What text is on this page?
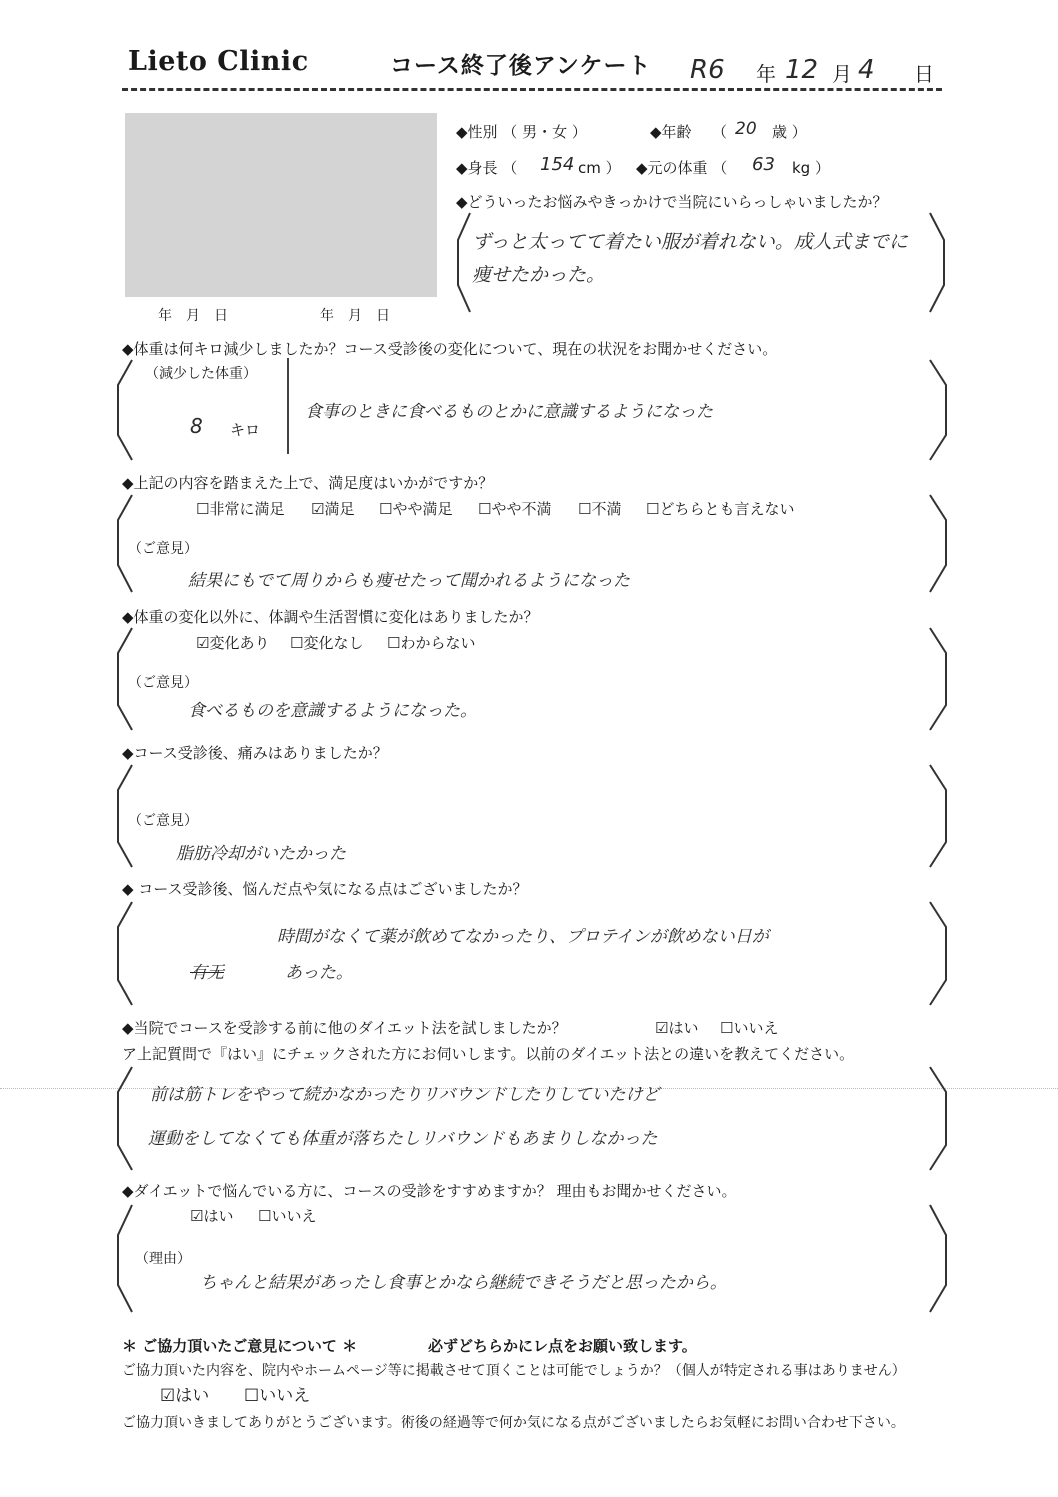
Lieto Clinic	コース終了後アンケート R6 年 12 月 4 日
年　月　日	年　月　日
◆性別 （ 男・女 ）	◆年齢 （ 20 歳 ）
◆身長 （ 154 cm ） ◆元の体重 （ 63 kg ）
◆どういったお悩みやきっかけで当院にいらっしゃいましたか？
ずっと太ってて着たい服が着れない。成人式までに
痩せたかった。
◆体重は何キロ減少しましたか？コース受診後の変化について、現在の状況をお聞かせください。
（減少した体重）
8 キロ
食事のときに食べるものとかに意識するようになった
◆上記の内容を踏まえた上で、満足度はいかがですか？
☐非常に満足 ☑満足 ☐やや満足 ☐やや不満 ☐不満 ☐どちらとも言えない
（ご意見）
結果にもでて周りからも痩せたって聞かれるようになった
◆体重の変化以外に、体調や生活習慣に変化はありましたか？
☑変化あり ☐変化なし ☐わからない
（ご意見）
食べるものを意識するようになった。
◆コース受診後、痛みはありましたか？
（ご意見）
脂肪冷却がいたかった
◆ コース受診後、悩んだ点や気になる点はございましたか？
時間がなくて薬が飲めてなかったり、プロテインが飲めない日が
有无	あった。
◆当院でコースを受診する前に他のダイエット法を試しましたか？	☑はい ☐いいえ
ア上記質問で『はい』にチェックされた方にお伺いします。以前のダイエット法との違いを教えてください。
前は筋トレをやって続かなかったりリバウンドしたりしていたけど
運動をしてなくても体重が落ちたしリバウンドもあまりしなかった
◆ダイエットで悩んでいる方に、コースの受診をすすめますか？ 理由もお聞かせください。
☑はい ☐いいえ
（理由）
ちゃんと結果があったし食事とかなら継続できそうだと思ったから。
＊ ご協力頂いたご意見について ＊	必ずどちらかにレ点をお願い致します。
ご協力頂いた内容を、院内やホームページ等に掲載させて頂くことは可能でしょうか？（個人が特定される事はありません）
☑はい ☐いいえ
ご協力頂いきましてありがとうございます。術後の経過等で何か気になる点がございましたらお気軽にお問い合わせ下さい。
